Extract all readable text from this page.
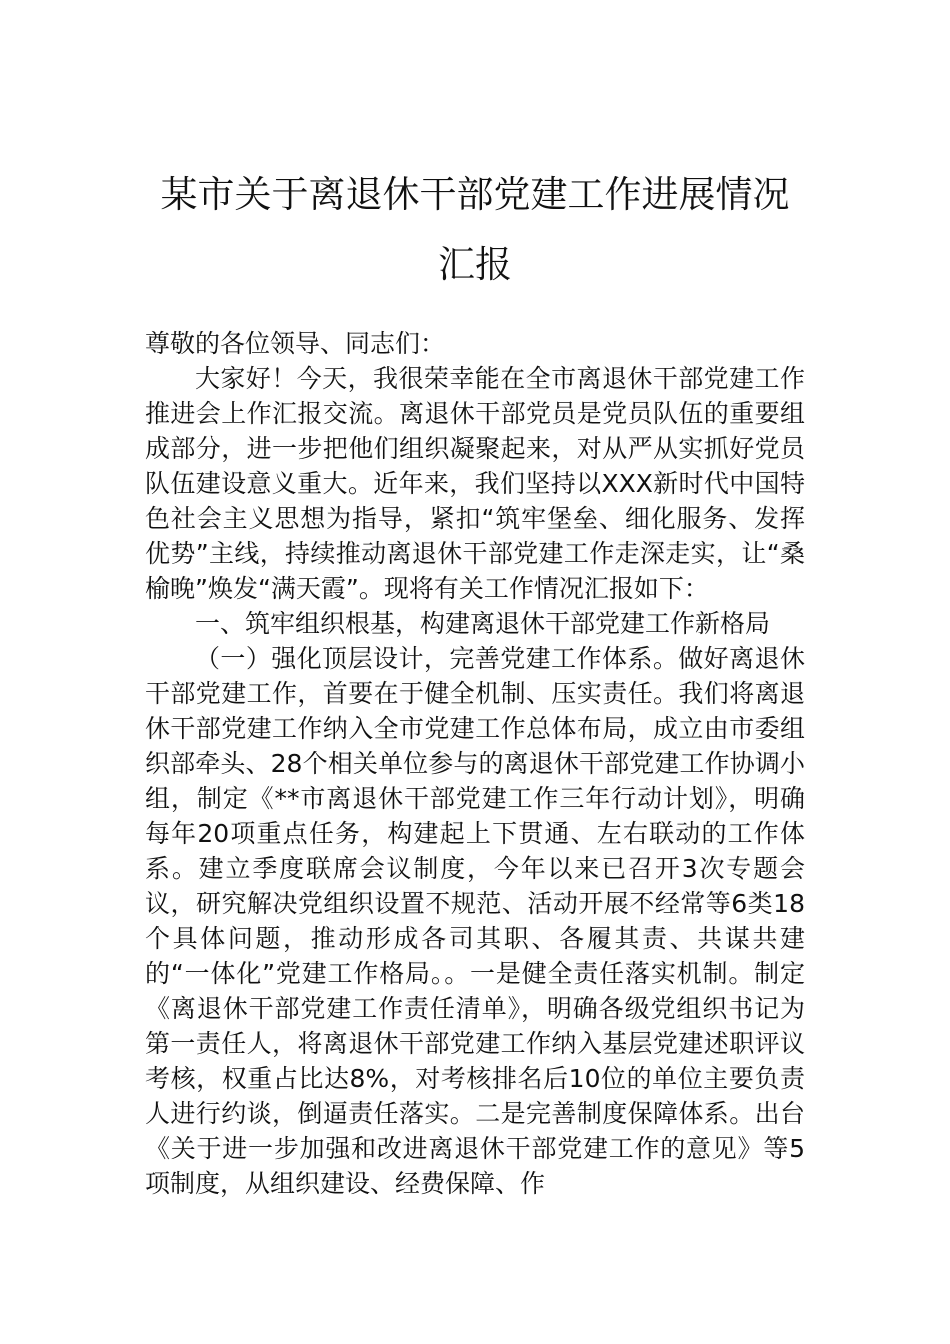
某市关于离退休干部党建工作进展情况汇报

尊敬的各位领导、同志们：

大家好！今天，我很荣幸能在全市离退休干部党建工作推进会上作汇报交流。离退休干部党员是党员队伍的重要组成部分，进一步把他们组织凝聚起来，对从严从实抓好党员队伍建设意义重大。近年来，我们坚持以XXX新时代中国特色社会主义思想为指导，紧扣“筑牢堡垒、细化服务、发挥优势”主线，持续推动离退休干部党建工作走深走实，让“桑榆晚”焕发“满天霞”。现将有关工作情况汇报如下：

一、筑牢组织根基，构建离退休干部党建工作新格局

（一）强化顶层设计，完善党建工作体系。做好离退休干部党建工作，首要在于健全机制、压实责任。我们将离退休干部党建工作纳入全市党建工作总体布局，成立由市委组织部牵头、28个相关单位参与的离退休干部党建工作协调小组，制定《**市离退休干部党建工作三年行动计划》，明确每年20项重点任务，构建起上下贯通、左右联动的工作体系。建立季度联席会议制度，今年以来已召开3次专题会议，研究解决党组织设置不规范、活动开展不经常等6类18个具体问题，推动形成各司其职、各履其责、共谋共建的“一体化”党建工作格局。。一是健全责任落实机制。制定《离退休干部党建工作责任清单》，明确各级党组织书记为第一责任人，将离退休干部党建工作纳入基层党建述职评议考核，权重占比达8%，对考核排名后10位的单位主要负责人进行约谈，倒逼责任落实。二是完善制度保障体系。出台《关于进一步加强和改进离退休干部党建工作的意见》等5项制度，从组织建设、经费保障、作
